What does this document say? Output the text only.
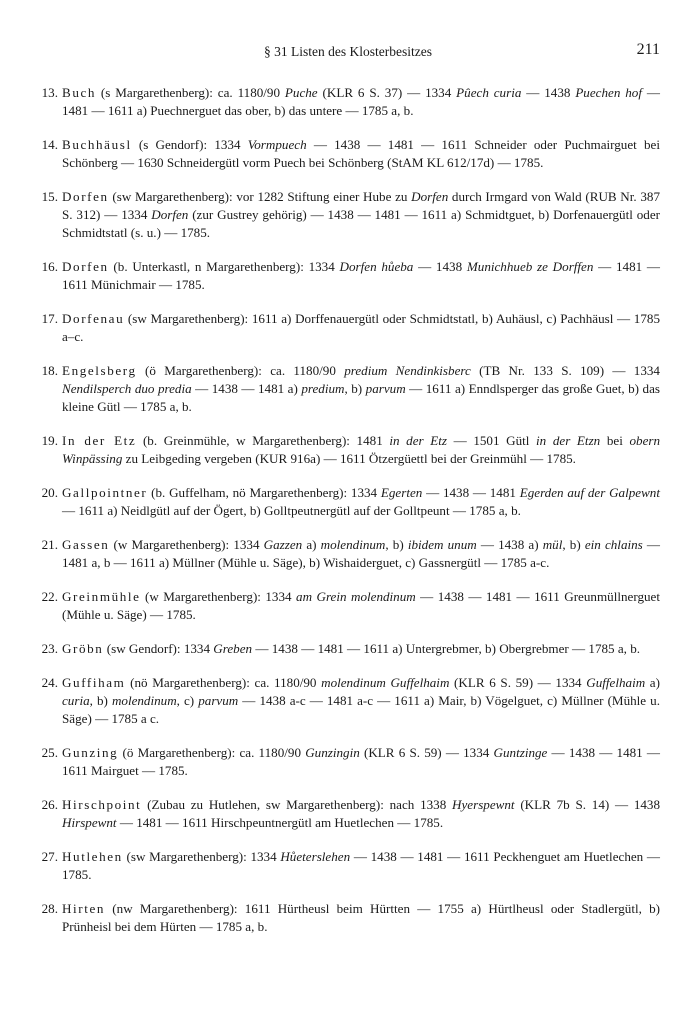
§ 31 Listen des Klosterbesitzes	211
13. Buch (s Margarethenberg): ca. 1180/90 Puche (KLR 6 S. 37) — 1334 Pûech curia — 1438 Puechen hof — 1481 — 1611 a) Puechnerguet das ober, b) das untere — 1785 a, b.
14. Buchhäusl (s Gendorf): 1334 Vormpuech — 1438 — 1481 — 1611 Schneider oder Puchmairguet bei Schönberg — 1630 Schneidergütl vorm Puech bei Schönberg (StAM KL 612/17d) — 1785.
15. Dorfen (sw Margarethenberg): vor 1282 Stiftung einer Hube zu Dorfen durch Irmgard von Wald (RUB Nr. 387 S. 312) — 1334 Dorfen (zur Gustrey gehörig) — 1438 — 1481 — 1611 a) Schmidtguet, b) Dorfenauergütl oder Schmidtstatl (s. u.) — 1785.
16. Dorfen (b. Unterkastl, n Margarethenberg): 1334 Dorfen hůeba — 1438 Munichhueb ze Dorffen — 1481 — 1611 Münichmair — 1785.
17. Dorfenau (sw Margarethenberg): 1611 a) Dorffenauergütl oder Schmidtstatl, b) Auhäusl, c) Pachhäusl — 1785 a–c.
18. Engelsberg (ö Margarethenberg): ca. 1180/90 predium Nendinkisberc (TB Nr. 133 S. 109) — 1334 Nendilsperch duo predia — 1438 — 1481 a) predium, b) parvum — 1611 a) Enndlsperger das große Guet, b) das kleine Gütl — 1785 a, b.
19. In der Etz (b. Greinmühle, w Margarethenberg): 1481 in der Etz — 1501 Gütl in der Etzn bei obern Winpässing zu Leibgeding vergeben (KUR 916a) — 1611 Ötzergüettl bei der Greinmühl — 1785.
20. Gallpointner (b. Guffelham, nö Margarethenberg): 1334 Egerten — 1438 — 1481 Egerden auf der Galpewnt — 1611 a) Neidlgütl auf der Ögert, b) Golltpeutnergütl auf der Golltpeunt — 1785 a, b.
21. Gassen (w Margarethenberg): 1334 Gazzen a) molendinum, b) ibidem unum — 1438 a) mül, b) ein chlains — 1481 a, b — 1611 a) Müllner (Mühle u. Säge), b) Wishaiderguet, c) Gassnergütl — 1785 a-c.
22. Greinmühle (w Margarethenberg): 1334 am Grein molendinum — 1438 — 1481 — 1611 Greunmüllnerguet (Mühle u. Säge) — 1785.
23. Gröbn (sw Gendorf): 1334 Greben — 1438 — 1481 — 1611 a) Untergrebmer, b) Obergrebmer — 1785 a, b.
24. Guffiham (nö Margarethenberg): ca. 1180/90 molendinum Guffelhaim (KLR 6 S. 59) — 1334 Guffelhaim a) curia, b) molendinum, c) parvum — 1438 a-c — 1481 a-c — 1611 a) Mair, b) Vögelguet, c) Müllner (Mühle u. Säge) — 1785 a c.
25. Gunzing (ö Margarethenberg): ca. 1180/90 Gunzingin (KLR 6 S. 59) — 1334 Guntzinge — 1438 — 1481 — 1611 Mairguet — 1785.
26. Hirschpoint (Zubau zu Hutlehen, sw Margarethenberg): nach 1338 Hyerspewnt (KLR 7b S. 14) — 1438 Hirspewnt — 1481 — 1611 Hirschpeuntnergütl am Huetlechen — 1785.
27. Hutlehen (sw Margarethenberg): 1334 Hůeterslehen — 1438 — 1481 — 1611 Peckhenguet am Huetlechen — 1785.
28. Hirten (nw Margarethenberg): 1611 Hürtheusl beim Hürtten — 1755 a) Hürtlheusl oder Stadlergütl, b) Prünheisl bei dem Hürten — 1785 a, b.
